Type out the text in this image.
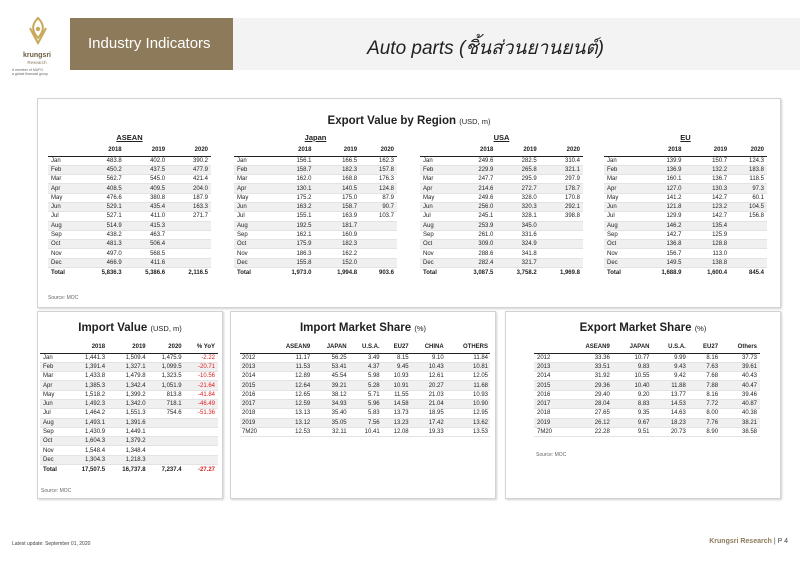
krungsri
Research
A member of MUFG
a global financial group
Industry Indicators	Auto parts (ชิ้นส่วนยานยนต์)
Export Value by Region (USD, m)
ASEAN
	2018	2019	2020
Jan	483.8	402.0	390.2
Feb	450.2	437.5	477.9
Mar	562.7	545.0	421.4
Apr	408.5	409.5	204.0
May	476.6	380.8	187.9
Jun	529.1	435.4	163.3
Jul	527.1	411.0	271.7
Aug	514.9	415.3	
Sep	438.2	463.7	
Oct	481.3	506.4	
Nov	497.0	568.5	
Dec	466.9	411.6	
Total	5,836.3	5,386.6	2,116.5
Japan
	2018	2019	2020
Jan	156.1	166.5	162.3
Feb	158.7	182.3	157.8
Mar	162.0	168.8	176.3
Apr	130.1	140.5	124.8
May	175.2	175.0	87.9
Jun	163.2	158.7	90.7
Jul	155.1	163.9	103.7
Aug	192.5	181.7	
Sep	162.1	160.9	
Oct	175.9	182.3	
Nov	186.3	162.2	
Dec	155.8	152.0	
Total	1,973.0	1,994.8	903.6
USA
	2018	2019	2020
Jan	249.6	282.5	310.4
Feb	229.9	265.8	321.1
Mar	247.7	295.9	297.9
Apr	214.6	272.7	178.7
May	249.6	328.0	170.8
Jun	256.0	320.3	292.1
Jul	245.1	328.1	398.8
Aug	253.9	345.0	
Sep	261.0	331.6	
Oct	309.0	324.9	
Nov	288.6	341.8	
Dec	282.4	321.7	
Total	3,087.5	3,758.2	1,969.8
EU
	2018	2019	2020
Jan	139.9	150.7	124.3
Feb	136.9	132.2	183.8
Mar	160.1	136.7	118.5
Apr	127.0	130.3	97.3
May	141.2	142.7	60.1
Jun	121.8	123.2	104.5
Jul	129.9	142.7	156.8
Aug	146.2	135.4	
Sep	142.7	125.9	
Oct	136.8	128.8	
Nov	156.7	113.0	
Dec	149.5	138.8	
Total	1,688.9	1,600.4	845.4
Source: MOC
Import Value (USD, m)
	2018	2019	2020	% YoY
Jan	1,441.3	1,509.4	1,475.9	-2.22
Feb	1,391.4	1,327.1	1,099.5	-20.71
Mar	1,433.8	1,479.8	1,323.5	-10.56
Apr	1,385.3	1,342.4	1,051.9	-21.64
May	1,518.2	1,399.2	813.8	-41.84
Jun	1,492.3	1,342.0	718.1	-46.49
Jul	1,464.2	1,551.3	754.6	-51.36
Aug	1,493.1	1,391.6		
Sep	1,430.9	1,449.1		
Oct	1,604.3	1,379.2		
Nov	1,548.4	1,348.4		
Dec	1,304.3	1,218.3		
Total	17,507.5	16,737.8	7,237.4	-27.27
Source: MOC
Import Market Share (%)
	ASEAN9	JAPAN	U.S.A.	EU27	CHINA	OTHERS
2012	11.17	56.25	3.49	8.15	9.10	11.84
2013	11.53	53.41	4.37	9.45	10.43	10.81
2014	12.89	45.54	5.98	10.93	12.61	12.05
2015	12.64	39.21	5.28	10.91	20.27	11.68
2016	12.65	38.12	5.71	11.55	21.03	10.93
2017	12.59	34.93	5.96	14.58	21.04	10.90
2018	13.13	35.40	5.83	13.73	18.95	12.95
2019	13.12	35.05	7.56	13.23	17.42	13.62
7M20	12.53	32.11	10.41	12.08	19.33	13.53
Export Market Share (%)
	ASEAN9	JAPAN	U.S.A.	EU27	Others
2012	33.36	10.77	9.99	8.16	37.73
2013	33.51	9.83	9.43	7.63	39.61
2014	31.92	10.55	9.42	7.68	40.43
2015	29.36	10.40	11.88	7.88	40.47
2016	29.40	9.20	13.77	8.16	39.46
2017	28.04	8.83	14.53	7.72	40.87
2018	27.65	9.35	14.63	8.00	40.38
2019	26.12	9.67	18.23	7.76	38.21
7M20	22.28	9.51	20.73	8.90	38.58
Source: MOC
Latest update: September 01, 2020	Krungsri Research | P 4
